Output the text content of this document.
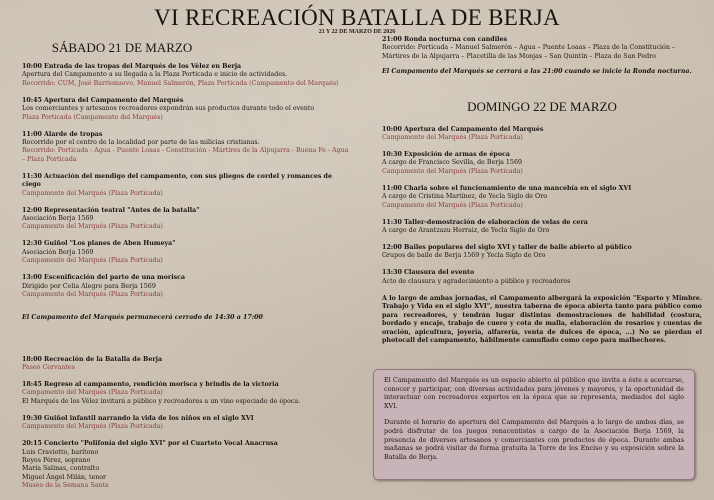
VI RECREACIÓN BATALLA DE BERJA
21 Y 22 DE MARZO DE 2026
SÁBADO 21 DE MARZO
10:00 Entrada de las tropas del Marqués de los Vélez en Berja
Apertura del Campamento a su llegada a la Plaza Porticada e inicio de actividades.
Recorrido: CUM, José Barrionuevo, Manuel Salmerón, Plaza Porticada (Campamento del Marqués)
10:45 Apertura del Campamento del Marqués
Los comerciantes y artesanos recreadores expondrán sus productos durante todo el evento
Plaza Porticada (Campamento del Marqués)
11:00 Alarde de tropas
Recorrido por el centro de la localidad por parte de las milicias cristianas.
Recorrido: Porticada - Agua - Puente Loaas - Constitución - Mártires de la Alpujarra - Buena Fe - Agua – Plaza Porticada
11:30 Actuación del mendigo del campamento, con sus pliegos de cordel y romances de ciego
Campamento del Marqués (Plaza Porticada)
12:00 Representación teatral "Antes de la batalla"
Asociación Berja 1569
Campamento del Marqués (Plaza Porticada)
12:30 Guiñol "Los planes de Aben Humeya"
Asociación Berja 1569
Campamento del Marqués (Plaza Porticada)
13:00 Escenificación del parto de una morisca
Dirigido por Celia Alegre para Berja 1569
Campamento del Marqués (Plaza Porticada)
El Campamento del Marqués permanecerá cerrado de 14:30 a 17:00
18:00 Recreación de la Batalla de Berja
Paseo Cervantes
18:45 Regreso al campamento, rendición morisca y brindis de la victoria
Campamento del Marqués (Plaza Porticada)
El Marqués de los Vélez invitará a público y recreadores a un vino especiado de época.
19:30 Guiñol infantil narrando la vida de los niños en el siglo XVI
Campamento del Marqués (Plaza Porticada)
20:15 Concierto "Polifonía del siglo XVI" por el Cuarteto Vocal Anacrusa
Luis Craviotto, barítono
Reyes Pérez, soprano
María Salinas, contralto
Miguel Ángel Milán, tenor
Museo de la Semana Santa
21:00 Ronda nocturna con candiles
Recorrido: Porticada – Manuel Salmerón – Agua – Puente Loaas – Plaza de la Constitución – Mártires de la Alpujarra – Placetilla de las Monjas – San Quintín – Plaza de San Pedro
El Campamento del Marqués se cerrará a las 21:00 cuando se inicie la Ronda nocturna.
DOMINGO 22 DE MARZO
10:00 Apertura del Campamento del Marqués
Campamento del Marqués (Plaza Porticada)
10:30 Exposición de armas de época
A cargo de Francisco Sevilla, de Berja 1569
Campamento del Marqués (Plaza Porticada)
11:00 Charla sobre el funcionamiento de una mancebía en el siglo XVI
A cargo de Cristina Martínez, de Yecla Siglo de Oro
Campamento del Marqués (Plaza Porticada)
11:30 Taller-demostración de elaboración de velas de cera
A cargo de Arantzazu Herraiz, de Yecla Siglo de Oro
12:00 Bailes populares del siglo XVI y taller de baile abierto al público
Grupos de baile de Berja 1569 y Yecla Siglo de Oro
13:30 Clausura del evento
Acto de clausura y agradecimiento a público y recreadores
A lo largo de ambas jornadas, el Campamento albergará la exposición "Esparto y Mimbre. Trabajo y Vida en el siglo XVI", nuestra taberna de época abierta tanto para público como para recreadores, y tendrán lugar distintas demostraciones de habilidad (costura, bordado y encaje, trabajo de cuero y cota de malla, elaboración de rosarios y cuentas de oración, apicultura, joyería, alfarería, venta de dulces de época, ...) No se pierdan el photocall del campamento, hábilmente camuflado como cepo para malhechores.

El Campamento del Marqués es un espacio abierto al público que invita a éste a acercarse, conocer y participar, con diversas actividades para jóvenes y mayores, y la oportunidad de interactuar con recreadores expertos en la época que se representa, mediados del siglo XVI.

Durante el horario de apertura del Campamento del Marqués a lo largo de ambos días, se podrá disfrutar de los juegos renacentistas a cargo de la Asociación Berja 1569, la presencia de diversos artesanos y comerciantes con productos de época. Durante ambas mañanas se podrá visitar de forma gratuita la Torre de los Enciso y su exposición sobre la Batalla de Berja.
